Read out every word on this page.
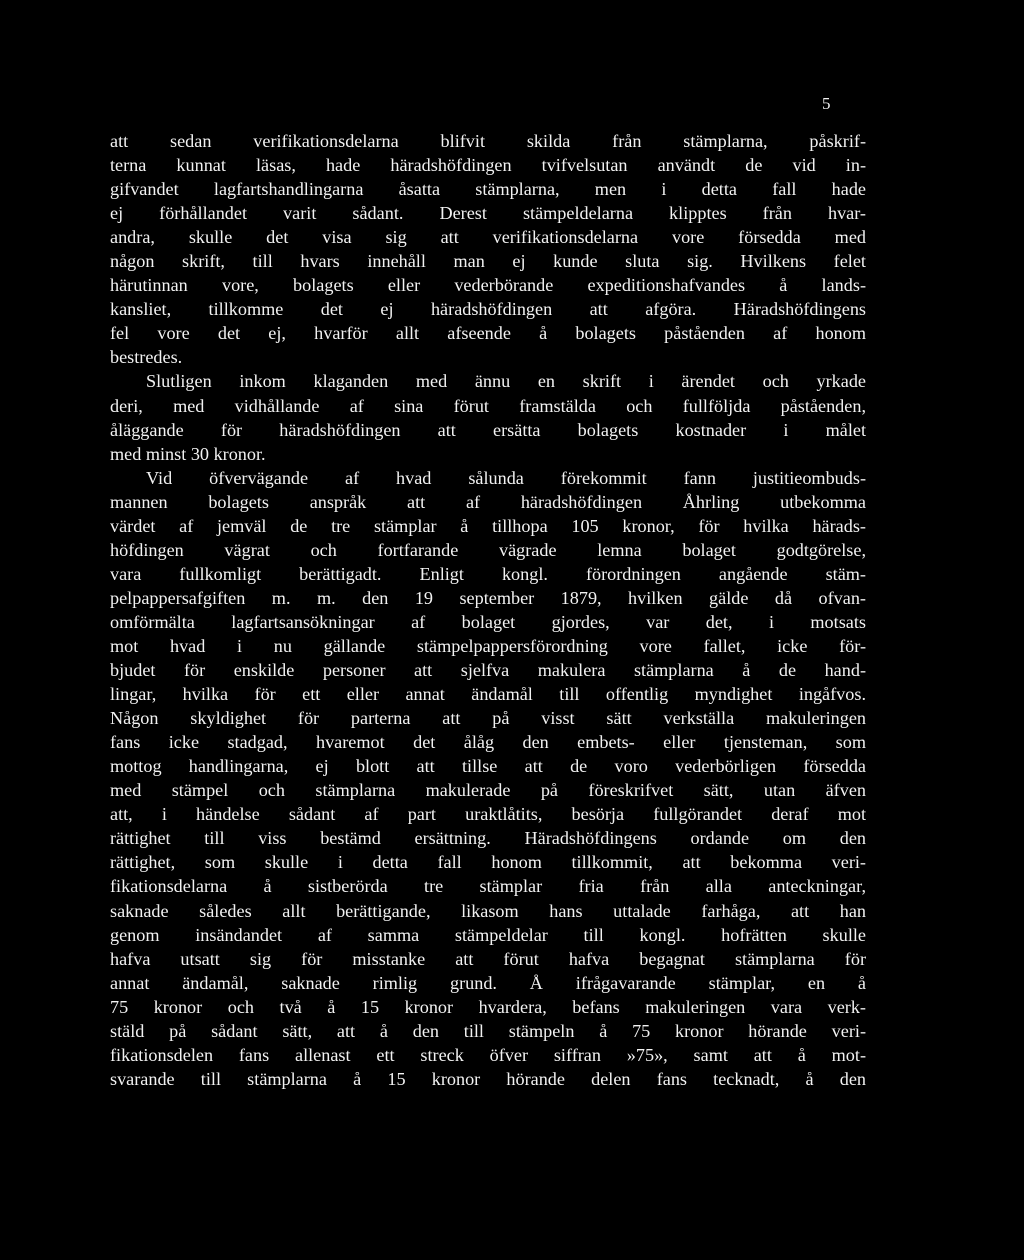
5
att sedan verifikationsdelarna blifvit skilda från stämplarna, påskrif-
terna kunnat läsas, hade häradshöfdingen tvifvelsutan användt de vid in-
gifvandet lagfartshandlingarna åsatta stämplarna, men i detta fall hade
ej förhållandet varit sådant. Derest stämpeldelarna klipptes från hvar-
andra, skulle det visa sig att verifikationsdelarna vore försedda med
någon skrift, till hvars innehåll man ej kunde sluta sig. Hvilkens felet
härutinnan vore, bolagets eller vederbörande expeditionshafvandes å lands-
kansliet, tillkomme det ej häradshöfdingen att afgöra. Häradshöfdingens
fel vore det ej, hvarför allt afseende å bolagets påståenden af honom
bestredes.
Slutligen inkom klaganden med ännu en skrift i ärendet och yrkade
deri, med vidhållande af sina förut framstälda och fullföljda påståenden,
åläggande för häradshöfdingen att ersätta bolagets kostnader i målet
med minst 30 kronor.
Vid öfvervägande af hvad sålunda förekommit fann justitieombuds-
mannen bolagets anspråk att af häradshöfdingen Åhrling utbekomma
värdet af jemväl de tre stämplar å tillhopa 105 kronor, för hvilka härads-
höfdingen vägrat och fortfarande vägrade lemna bolaget godtgörelse,
vara fullkomligt berättigadt. Enligt kongl. förordningen angående stäm-
pelpappersafgiften m. m. den 19 september 1879, hvilken gälde då ofvan-
omförmälta lagfartsansökningar af bolaget gjordes, var det, i motsats
mot hvad i nu gällande stämpelpappersförordning vore fallet, icke för-
bjudet för enskilde personer att sjelfva makulera stämplarna å de hand-
lingar, hvilka för ett eller annat ändamål till offentlig myndighet ingåfvos.
Någon skyldighet för parterna att på visst sätt verkställa makuleringen
fans icke stadgad, hvaremot det ålåg den embets- eller tjensteman, som
mottog handlingarna, ej blott att tillse att de voro vederbörligen försedda
med stämpel och stämplarna makulerade på föreskrifvet sätt, utan äfven
att, i händelse sådant af part uraktlåtits, besörja fullgörandet deraf mot
rättighet till viss bestämd ersättning. Häradshöfdingens ordande om den
rättighet, som skulle i detta fall honom tillkommit, att bekomma veri-
fikationsdelarna å sistberörda tre stämplar fria från alla anteckningar,
saknade således allt berättigande, likasom hans uttalade farhåga, att han
genom insändandet af samma stämpeldelar till kongl. hofrätten skulle
hafva utsatt sig för misstanke att förut hafva begagnat stämplarna för
annat ändamål, saknade rimlig grund. Å ifrågavarande stämplar, en å
75 kronor och två å 15 kronor hvardera, befans makuleringen vara verk-
stäld på sådant sätt, att å den till stämpeln å 75 kronor hörande veri-
fikationsdelen fans allenast ett streck öfver siffran »75», samt att å mot-
svarande till stämplarna å 15 kronor hörande delen fans tecknadt, å den
